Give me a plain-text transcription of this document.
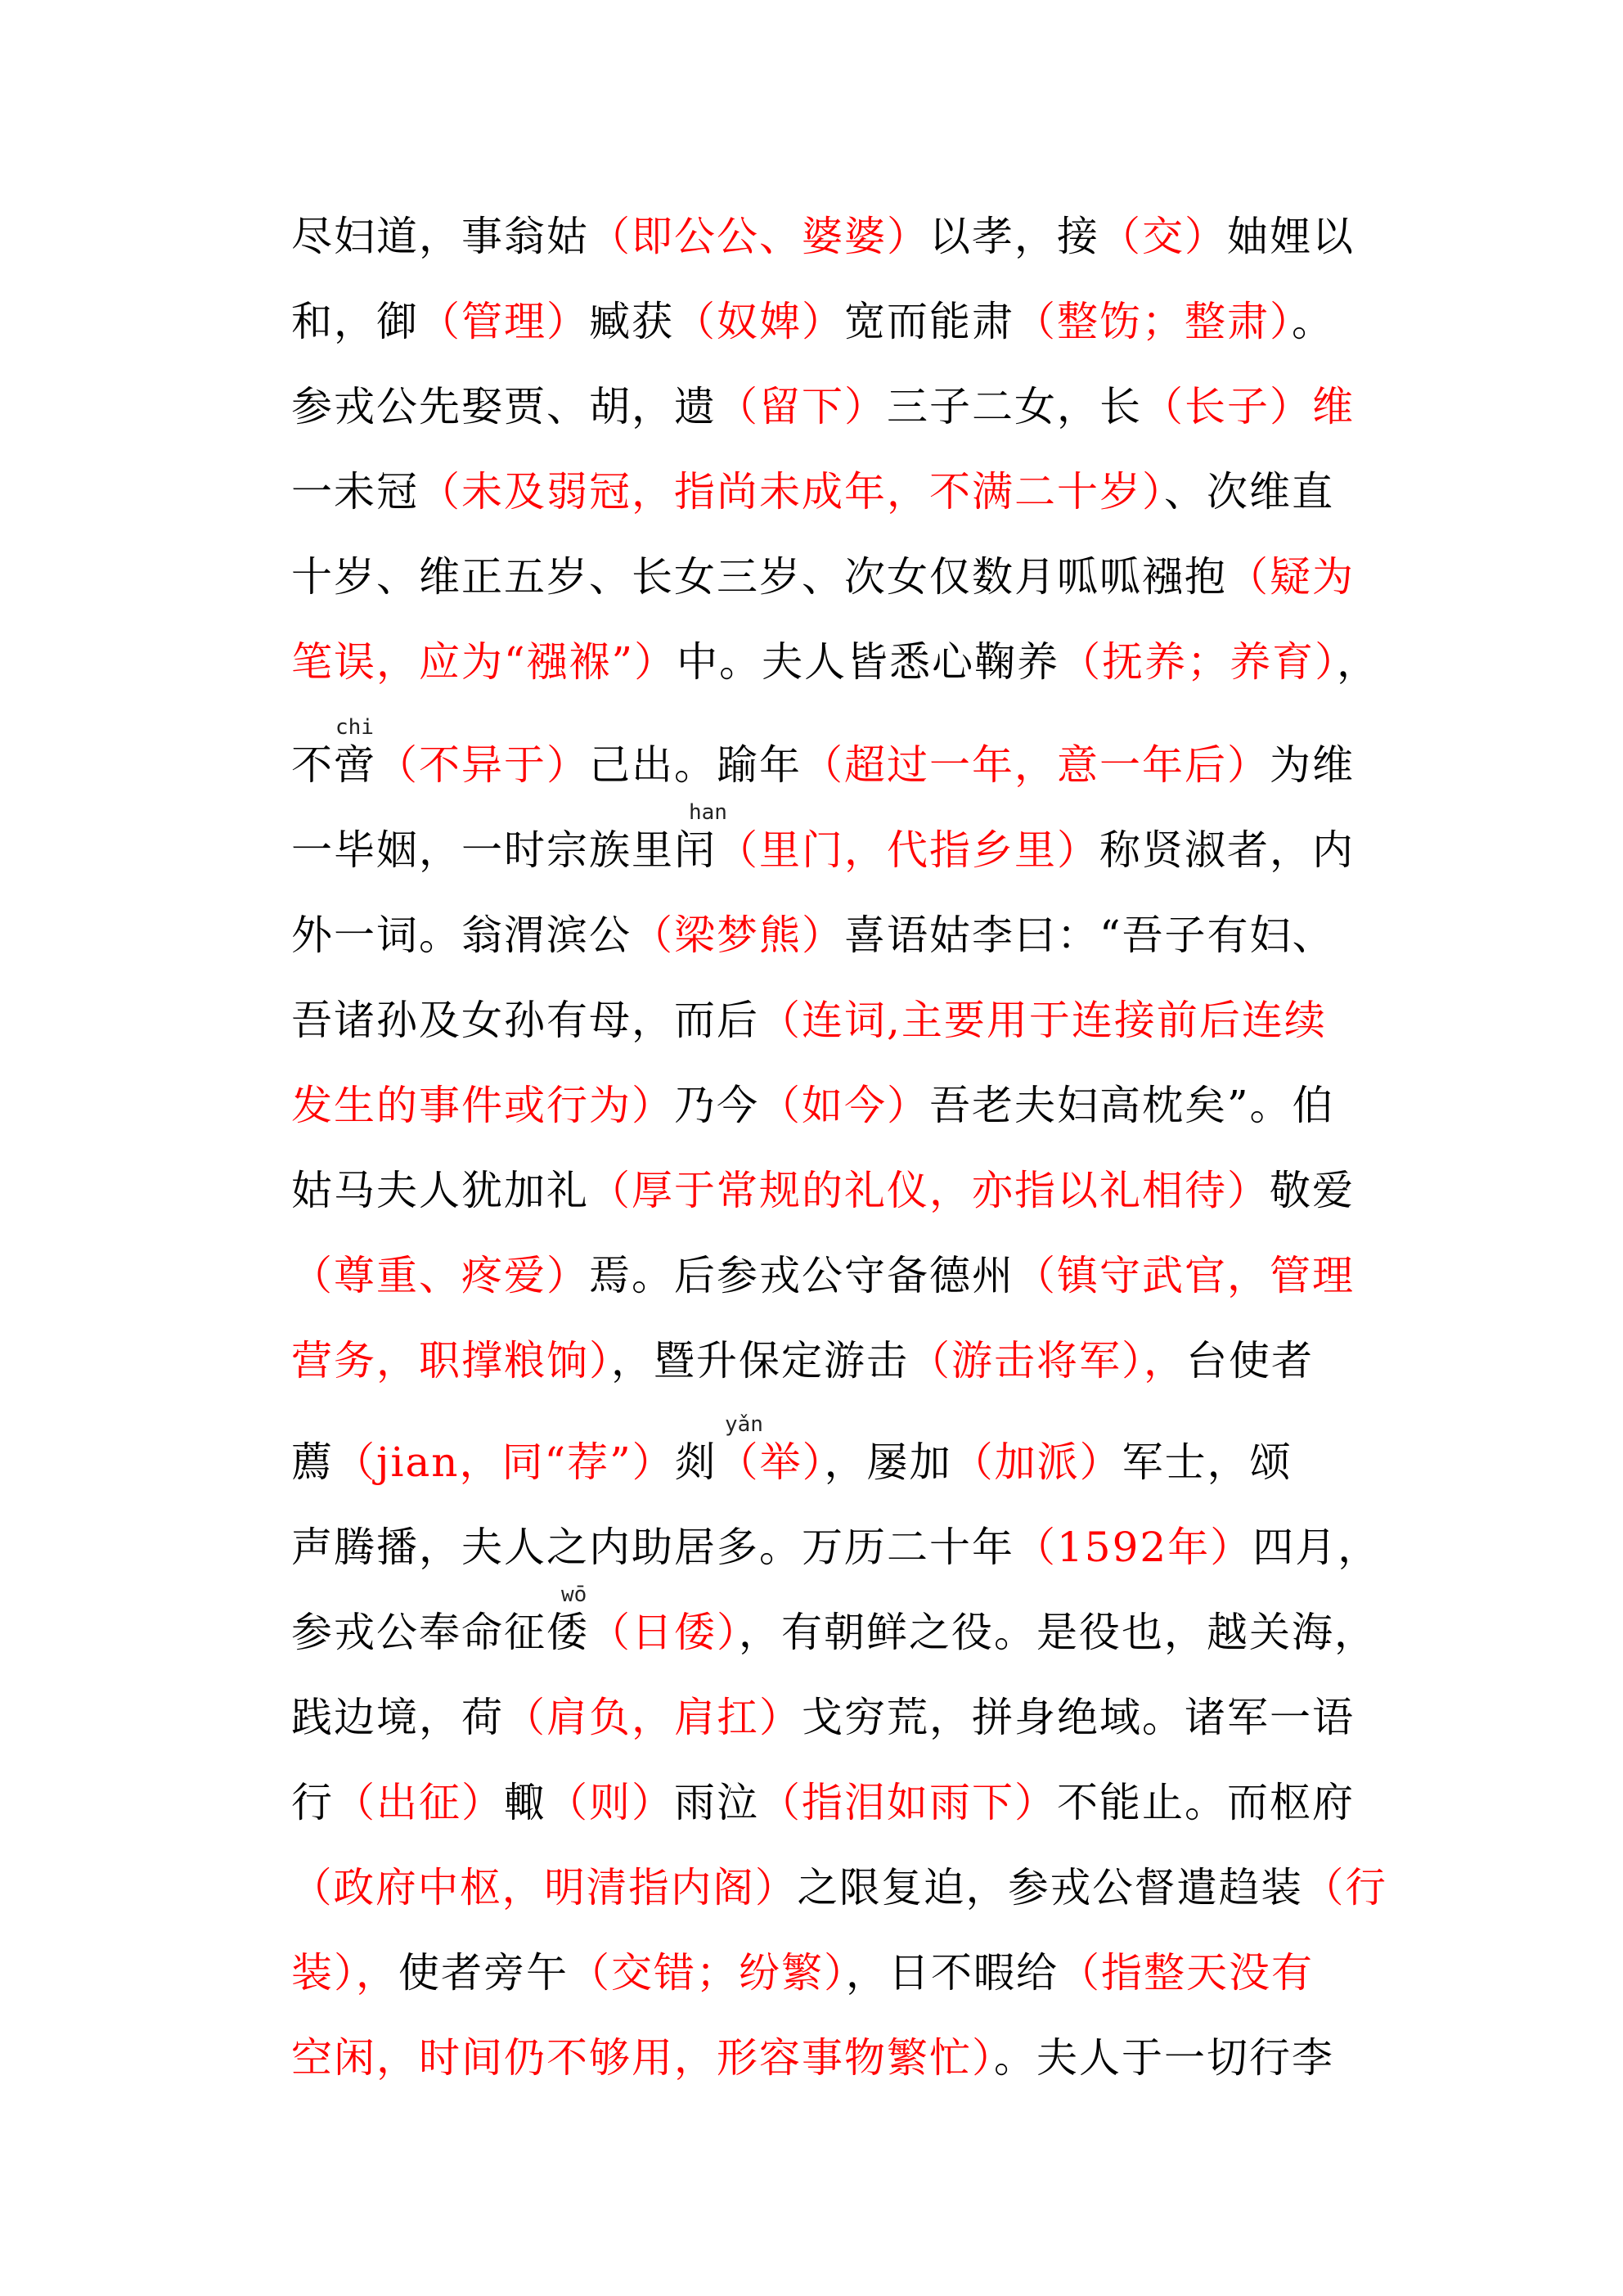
尽妇道，事翁姑（即公公、婆婆）以孝，接（交）妯娌以
和，御（管理）臧获（奴婢）宽而能肃（整饬；整肃）。
参戎公先娶贾、胡，遗（留下）三子二女，长（长子）维
一未冠（未及弱冠，指尚未成年，不满二十岁）、次维直
十岁、维正五岁、长女三岁、次女仅数月呱呱襁抱（疑为
笔误，应为“襁褓”）中。夫人皆悉心鞠养（抚养；养育），
不啻（不异于）己出。踰年（超过一年，意一年后）为维
一毕姻，一时宗族里闬（里门，代指乡里）称贤淑者，内
外一词。翁渭滨公（梁梦熊）喜语姑李曰：“吾子有妇、
吾诸孙及女孙有母，而后（连词,主要用于连接前后连续
发生的事件或行为）乃今（如今）吾老夫妇高枕矣”。伯
姑马夫人犹加礼（厚于常规的礼仪，亦指以礼相待）敬爱
（尊重、疼爱）焉。后参戎公守备德州（镇守武官，管理
营务，职撑粮饷），暨升保定游击（游击将军），台使者
薦（jian，同“荐”）剡（举），屡加（加派）军士，颂
声腾播，夫人之内助居多。万历二十年（1592年）四月，
参戎公奉命征倭（日倭），有朝鲜之役。是役也，越关海，
践边境，荷（肩负，肩扛）戈穷荒，拼身绝域。诸军一语
行（出征）輙（则）雨泣（指泪如雨下）不能止。而枢府
（政府中枢，明清指内阁）之限复迫，参戎公督遣趋装（行
装），使者旁午（交错；纷繁），日不暇给（指整天没有
空闲，时间仍不够用，形容事物繁忙）。夫人于一切行李
chi
han
yǎn
wō
